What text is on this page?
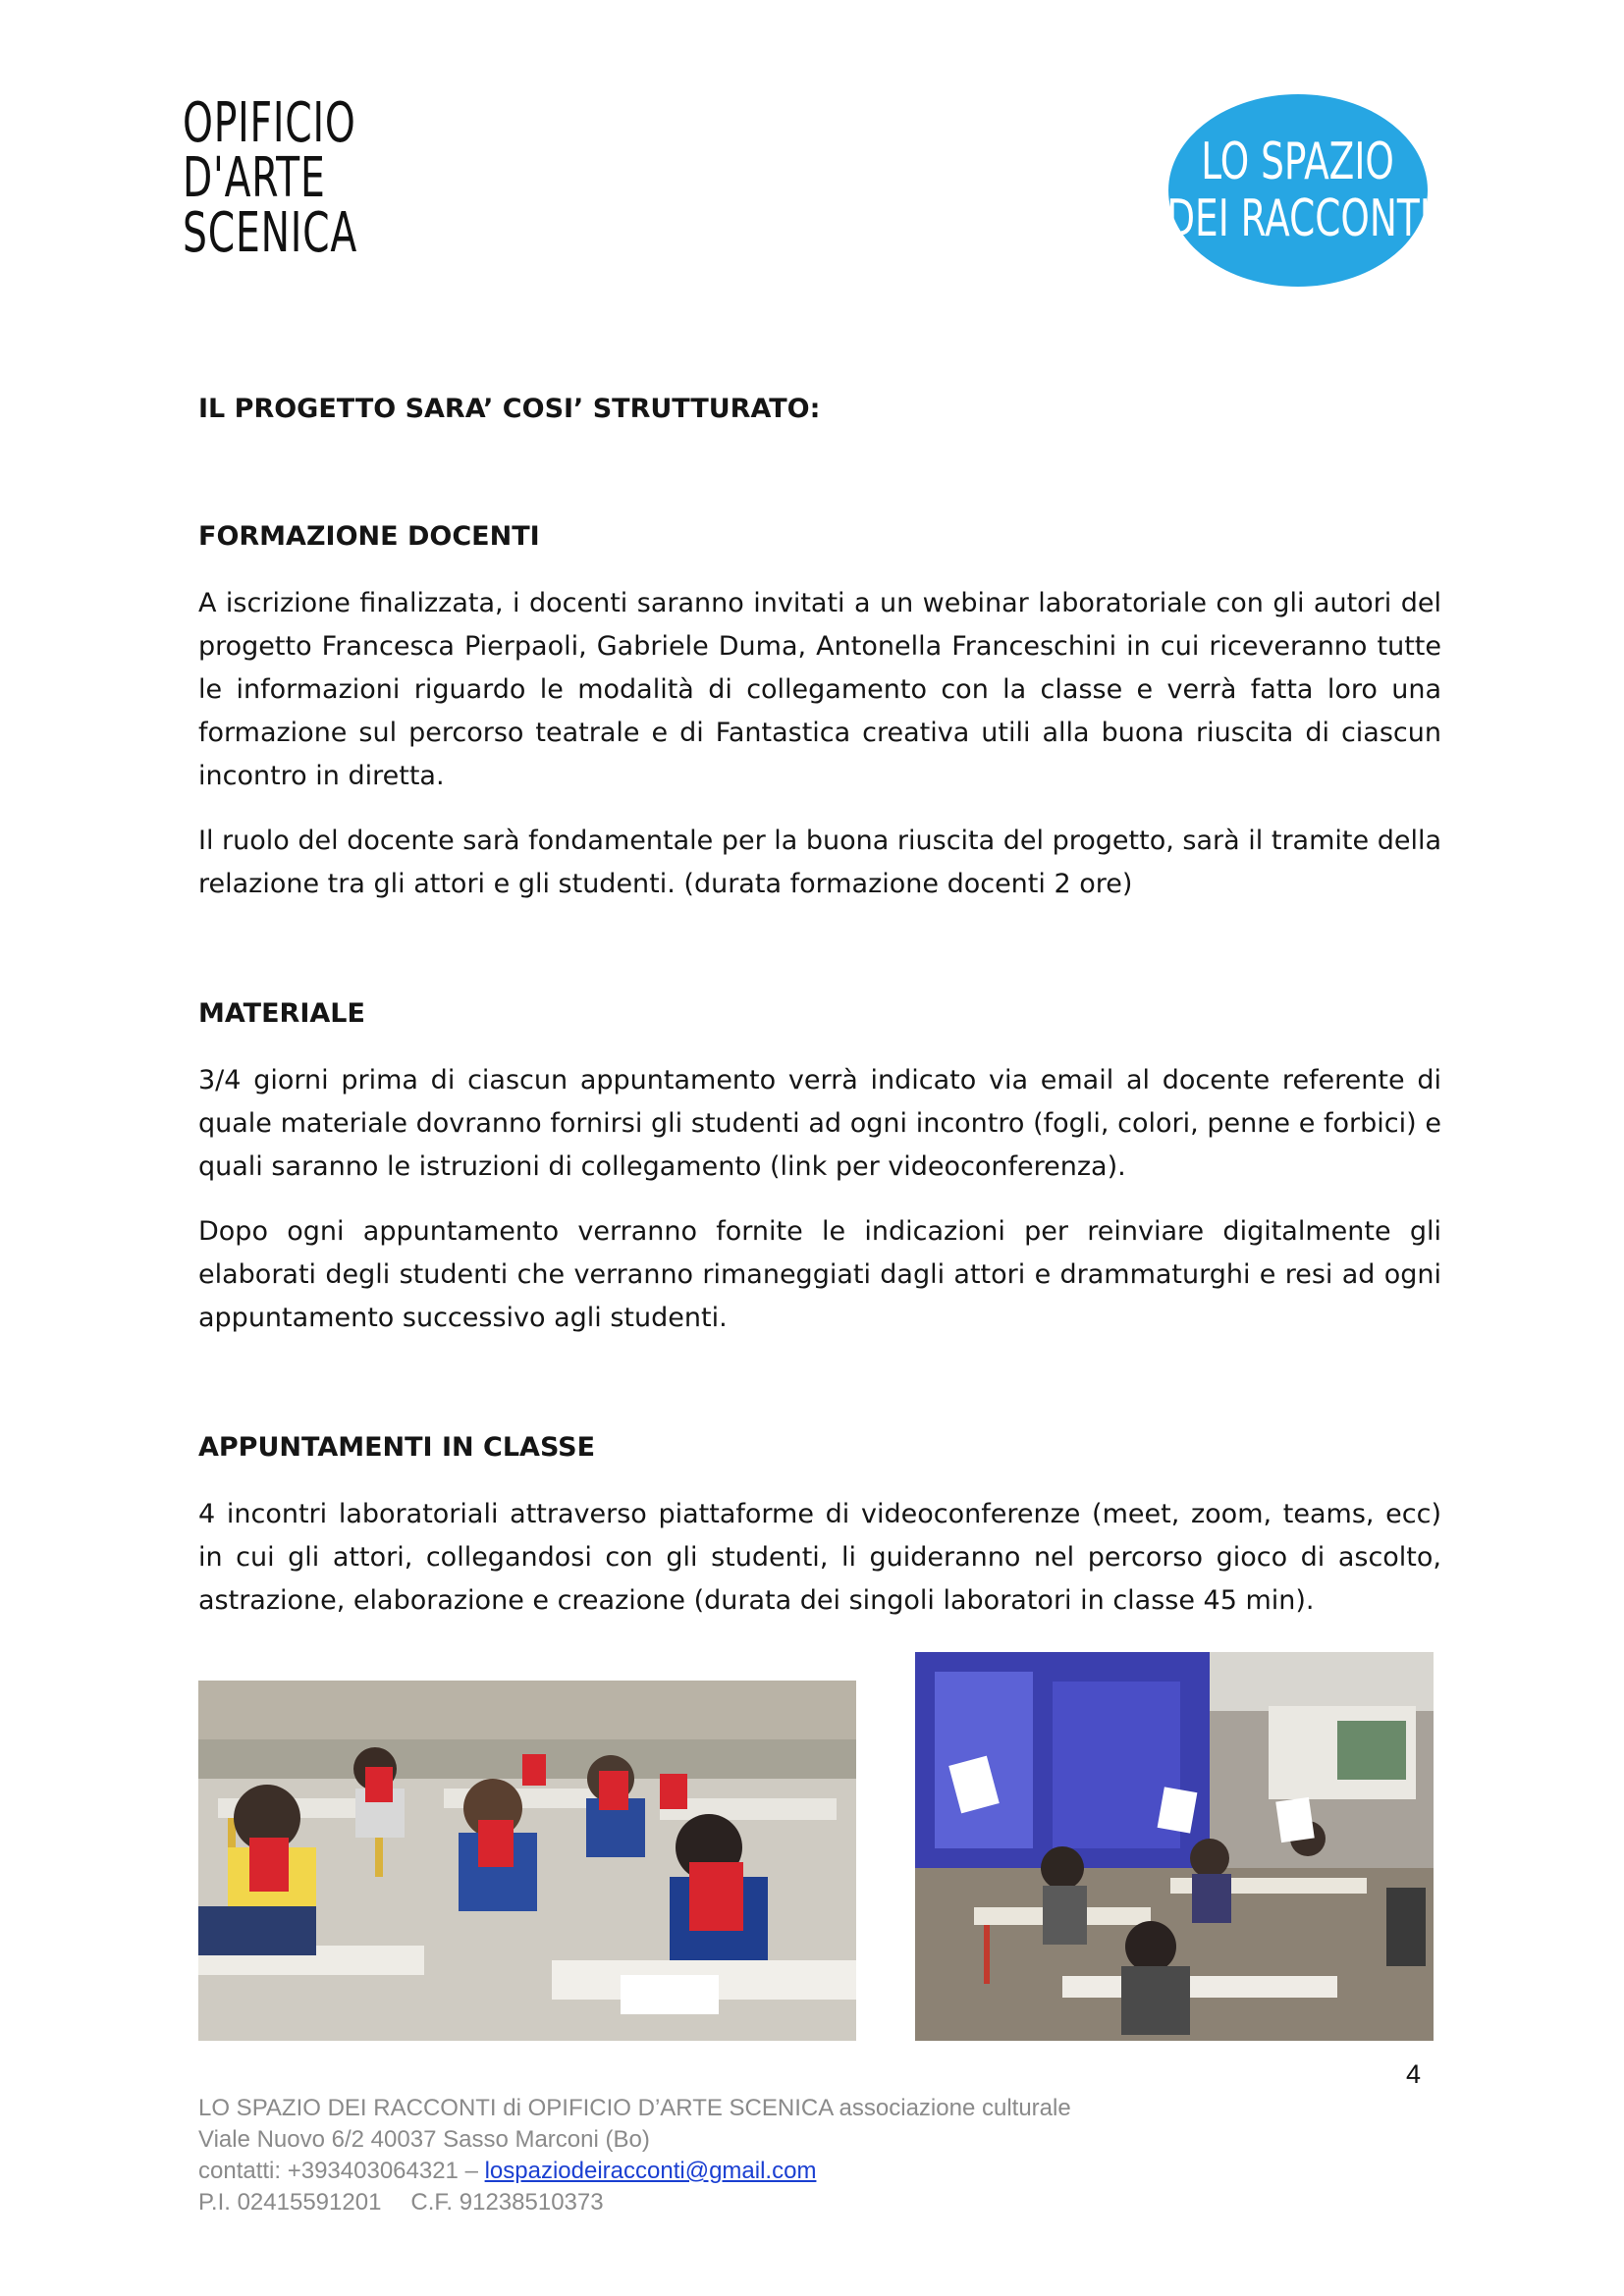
OPIFICIO
D'ARTE
SCENICA
LO SPAZIO
DEI RACCONTI

IL PROGETTO SARA’ COSI’ STRUTTURATO:

FORMAZIONE DOCENTI

A iscrizione finalizzata, i docenti saranno invitati a un webinar laboratoriale con gli autori del progetto Francesca Pierpaoli, Gabriele Duma, Antonella Franceschini in cui riceveranno tutte le informazioni riguardo le modalità di collegamento con la classe e verrà fatta loro una formazione sul percorso teatrale e di Fantastica creativa utili alla buona riuscita di ciascun incontro in diretta.

Il ruolo del docente sarà fondamentale per la buona riuscita del progetto, sarà il tramite della relazione tra gli attori e gli studenti. (durata formazione docenti 2 ore)

MATERIALE

3/4 giorni prima di ciascun appuntamento verrà indicato via email al docente referente di quale materiale dovranno fornirsi gli studenti ad ogni incontro (fogli, colori, penne e forbici) e quali saranno le istruzioni di collegamento (link per videoconferenza).

Dopo ogni appuntamento verranno fornite le indicazioni per reinviare digitalmente gli elaborati degli studenti che verranno rimaneggiati dagli attori e drammaturghi e resi ad ogni appuntamento successivo agli studenti.

APPUNTAMENTI IN CLASSE

4 incontri laboratoriali attraverso piattaforme di videoconferenze (meet, zoom, teams, ecc) in cui gli attori, collegandosi con gli studenti, li guideranno nel percorso gioco di ascolto, astrazione, elaborazione e creazione (durata dei singoli laboratori in classe 45 min).

4
LO SPAZIO DEI RACCONTI di OPIFICIO D’ARTE SCENICA associazione culturale
Viale Nuovo 6/2 40037 Sasso Marconi (Bo)
contatti: +393403064321 – lospaziodeiracconti@gmail.com
P.I. 02415591201 C.F. 91238510373
